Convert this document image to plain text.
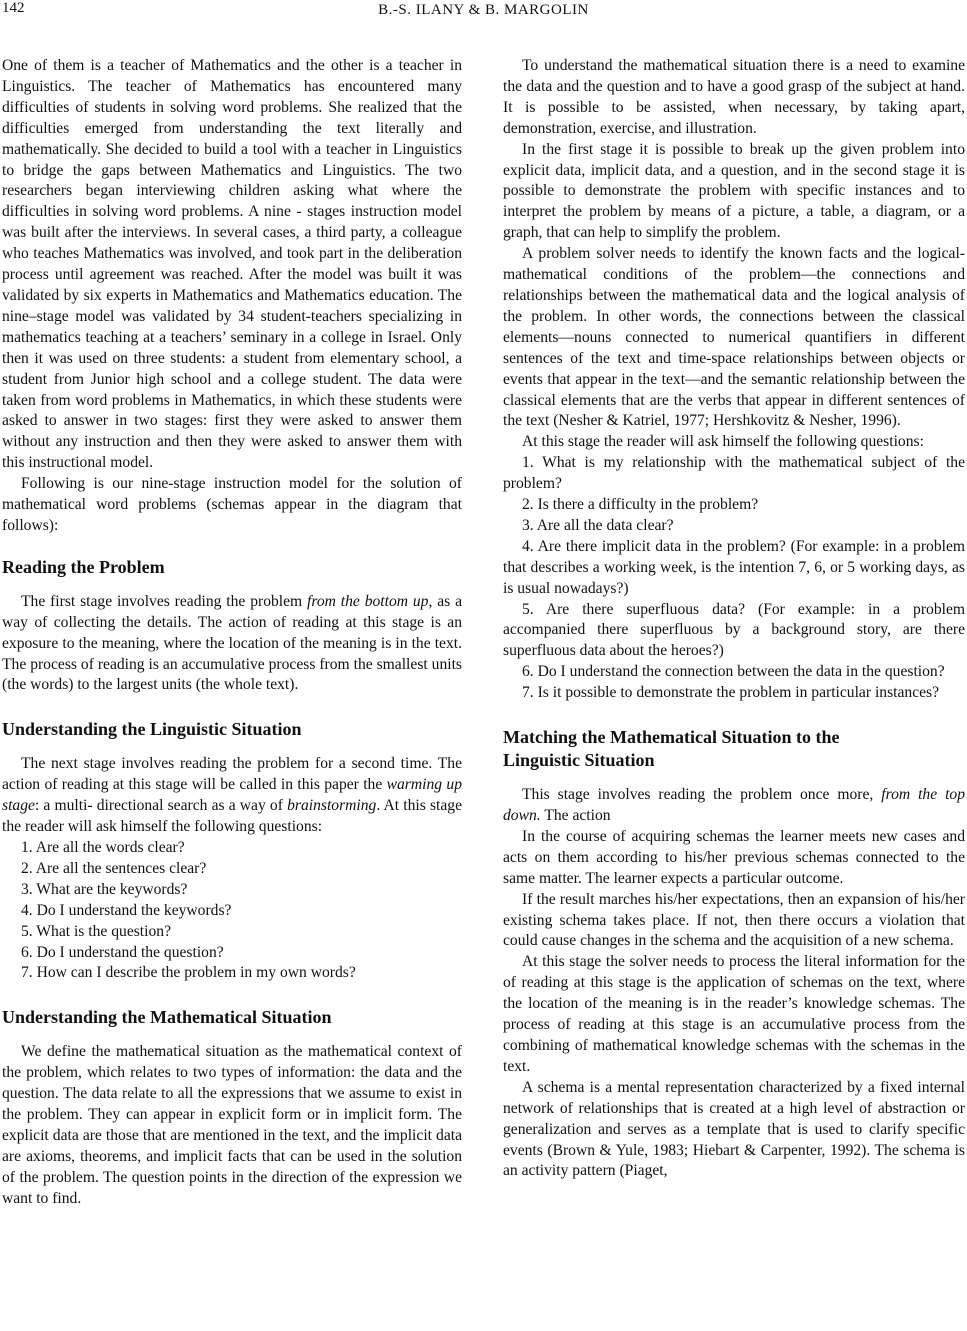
142	B.-S. ILANY & B. MARGOLIN

One of them is a teacher of Mathematics and the other is a teacher in Linguistics. The teacher of Mathematics has encountered many difficulties of students in solving word problems. She realized that the difficulties emerged from understanding the text literally and mathematically. She decided to build a tool with a teacher in Linguistics to bridge the gaps between Mathematics and Linguistics. The two researchers began interviewing children asking what where the difficulties in solving word problems. A nine - stages instruction model was built after the interviews. In several cases, a third party, a colleague who teaches Mathematics was involved, and took part in the deliberation process until agreement was reached. After the model was built it was validated by six experts in Mathematics and Mathematics education. The nine–stage model was validated by 34 student-teachers specializing in mathematics teaching at a teachers’ seminary in a college in Israel. Only then it was used on three students: a student from elementary school, a student from Junior high school and a college student. The data were taken from word problems in Mathematics, in which these students were asked to answer in two stages: first they were asked to answer them without any instruction and then they were asked to answer them with this instructional model.

Following is our nine-stage instruction model for the solution of mathematical word problems (schemas appear in the diagram that follows):

Reading the Problem

The first stage involves reading the problem from the bottom up, as a way of collecting the details. The action of reading at this stage is an exposure to the meaning, where the location of the meaning is in the text. The process of reading is an accumulative process from the smallest units (the words) to the largest units (the whole text).

Understanding the Linguistic Situation

The next stage involves reading the problem for a second time. The action of reading at this stage will be called in this paper the warming up stage: a multi- directional search as a way of brainstorming. At this stage the reader will ask himself the following questions:

1. Are all the words clear?
2. Are all the sentences clear?
3. What are the keywords?
4. Do I understand the keywords?
5. What is the question?
6. Do I understand the question?
7. How can I describe the problem in my own words?
Understanding the Mathematical Situation

We define the mathematical situation as the mathematical context of the problem, which relates to two types of information: the data and the question. The data relate to all the expressions that we assume to exist in the problem. They can appear in explicit form or in implicit form. The explicit data are those that are mentioned in the text, and the implicit data are axioms, theorems, and implicit facts that can be used in the solution of the problem. The question points in the direction of the expression we want to find.

To understand the mathematical situation there is a need to examine the data and the question and to have a good grasp of the subject at hand. It is possible to be assisted, when necessary, by taking apart, demonstration, exercise, and illustration.

In the first stage it is possible to break up the given problem into explicit data, implicit data, and a question, and in the second stage it is possible to demonstrate the problem with specific instances and to interpret the problem by means of a picture, a table, a diagram, or a graph, that can help to simplify the problem.

A problem solver needs to identify the known facts and the logical-mathematical conditions of the problem—the connections and relationships between the mathematical data and the logical analysis of the problem. In other words, the connections between the classical elements—nouns connected to numerical quantifiers in different sentences of the text and time-space relationships between objects or events that appear in the text—and the semantic relationship between the classical elements that are the verbs that appear in different sentences of the text (Nesher & Katriel, 1977; Hershkovitz & Nesher, 1996).

At this stage the reader will ask himself the following questions:

1. What is my relationship with the mathematical subject of the problem?
2. Is there a difficulty in the problem?
3. Are all the data clear?
4. Are there implicit data in the problem? (For example: in a problem that describes a working week, is the intention 7, 6, or 5 working days, as is usual nowadays?)
5. Are there superfluous data? (For example: in a problem accompanied there superfluous by a background story, are there superfluous data about the heroes?)
6. Do I understand the connection between the data in the question?
7. Is it possible to demonstrate the problem in particular instances?
Matching the Mathematical Situation to the
Linguistic Situation

This stage involves reading the problem once more, from the top down. The action

In the course of acquiring schemas the learner meets new cases and acts on them according to his/her previous schemas connected to the same matter. The learner expects a particular outcome.

If the result marches his/her expectations, then an expansion of his/her existing schema takes place. If not, then there occurs a violation that could cause changes in the schema and the acquisition of a new schema.

At this stage the solver needs to process the literal information for the of reading at this stage is the application of schemas on the text, where the location of the meaning is in the reader’s knowledge schemas. The process of reading at this stage is an accumulative process from the combining of mathematical knowledge schemas with the schemas in the text.

A schema is a mental representation characterized by a fixed internal network of relationships that is created at a high level of abstraction or generalization and serves as a template that is used to clarify specific events (Brown & Yule, 1983; Hiebart & Carpenter, 1992). The schema is an activity pattern (Piaget,
